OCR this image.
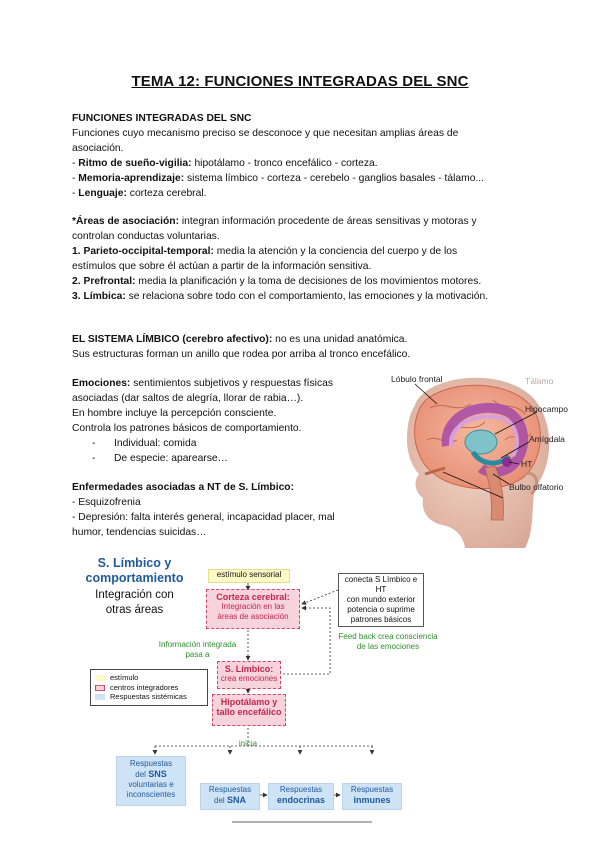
TEMA 12: FUNCIONES INTEGRADAS DEL SNC
FUNCIONES INTEGRADAS DEL SNC
Funciones cuyo mecanismo preciso se desconoce y que necesitan amplias áreas de
asociación.
- Ritmo de sueño-vigilia: hipotálamo - tronco encefálico - corteza.
- Memoria-aprendizaje: sistema límbico - corteza - cerebelo - ganglios basales - tálamo...
- Lenguaje: corteza cerebral.
*Áreas de asociación: integran información procedente de áreas sensitivas y motoras y
controlan conductas voluntarias.
1. Parieto-occipital-temporal: media la atención y la conciencia del cuerpo y de los
estímulos que sobre él actúan a partir de la información sensitiva.
2. Prefrontal: media la planificación y la toma de decisiones de los movimientos motores.
3. Límbica: se relaciona sobre todo con el comportamiento, las emociones y la motivación.
EL SISTEMA LÍMBICO (cerebro afectivo): no es una unidad anatómica.
Sus estructuras forman un anillo que rodea por arriba al tronco encefálico.
Emociones: sentimientos subjetivos y respuestas físicas
asociadas (dar saltos de alegría, llorar de rabia…).
En hombre incluye la percepción consciente.
Controla los patrones básicos de comportamiento.
- Individual: comida
- De especie: aparearse…
Enfermedades asociadas a NT de S. Límbico:
- Esquizofrenia
- Depresión: falta interés general, incapacidad placer, mal
humor, tendencias suicidas…
Lóbulo frontal	Tálamo
Hipocampo
Amígdala
HT
Bulbo olfatorio
S. Límbico y
comportamiento
Integración con
otras áreas
estímulo sensorial
Corteza cerebral:
Integración en las
áreas de asociación
conecta S Límbico e HT
con mundo exterior
potencia o suprime
patrones básicos
Información integrada
pasa a
Feed back crea consciencia
de las emociones
S. Límbico:
crea emociones
Hipotálamo y
tallo encefálico
estímulo
centros integradores
Respuestas sistémicas
inicia
Respuestas
del SNS
voluntarias e
inconscientes
Respuestas
del SNA
Respuestas
endocrinas
Respuestas
inmunes
